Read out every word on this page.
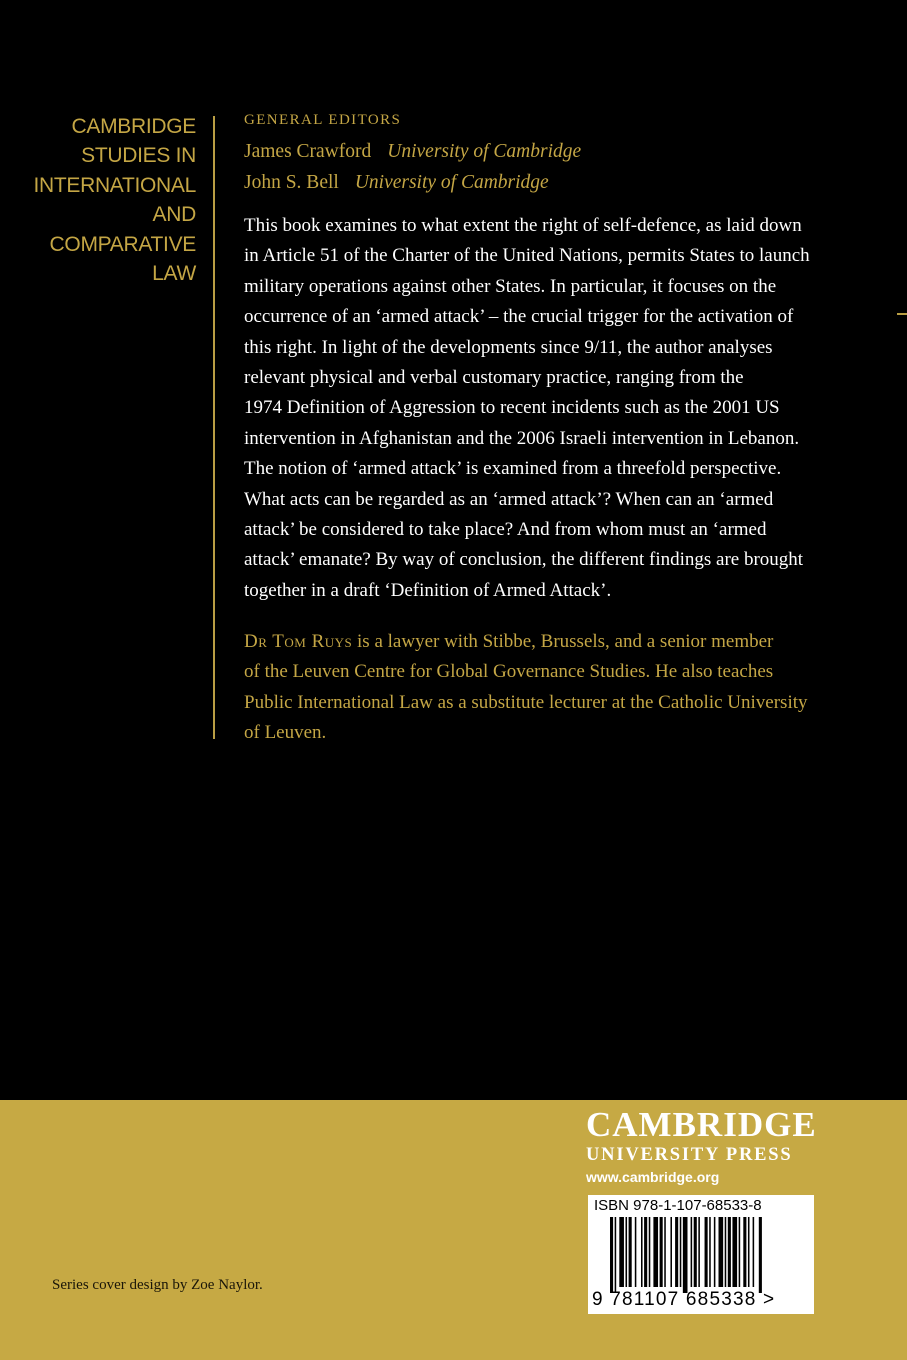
CAMBRIDGE
STUDIES IN
INTERNATIONAL
AND
COMPARATIVE
LAW
GENERAL EDITORS
James Crawford University of Cambridge
John S. Bell University of Cambridge
This book examines to what extent the right of self-defence, as laid down
in Article 51 of the Charter of the United Nations, permits States to launch
military operations against other States. In particular, it focuses on the
occurrence of an ‘armed attack’ – the crucial trigger for the activation of
this right. In light of the developments since 9/11, the author analyses
relevant physical and verbal customary practice, ranging from the
1974 Definition of Aggression to recent incidents such as the 2001 US
intervention in Afghanistan and the 2006 Israeli intervention in Lebanon.
The notion of ‘armed attack’ is examined from a threefold perspective.
What acts can be regarded as an ‘armed attack’? When can an ‘armed
attack’ be considered to take place? And from whom must an ‘armed
attack’ emanate? By way of conclusion, the different findings are brought
together in a draft ‘Definition of Armed Attack’.
Dr Tom Ruys is a lawyer with Stibbe, Brussels, and a senior member
of the Leuven Centre for Global Governance Studies. He also teaches
Public International Law as a substitute lecturer at the Catholic University
of Leuven.
CAMBRIDGE
UNIVERSITY PRESS
www.cambridge.org
ISBN 978-1-107-68533-8
9 781107 685338 >
Series cover design by Zoe Naylor.
